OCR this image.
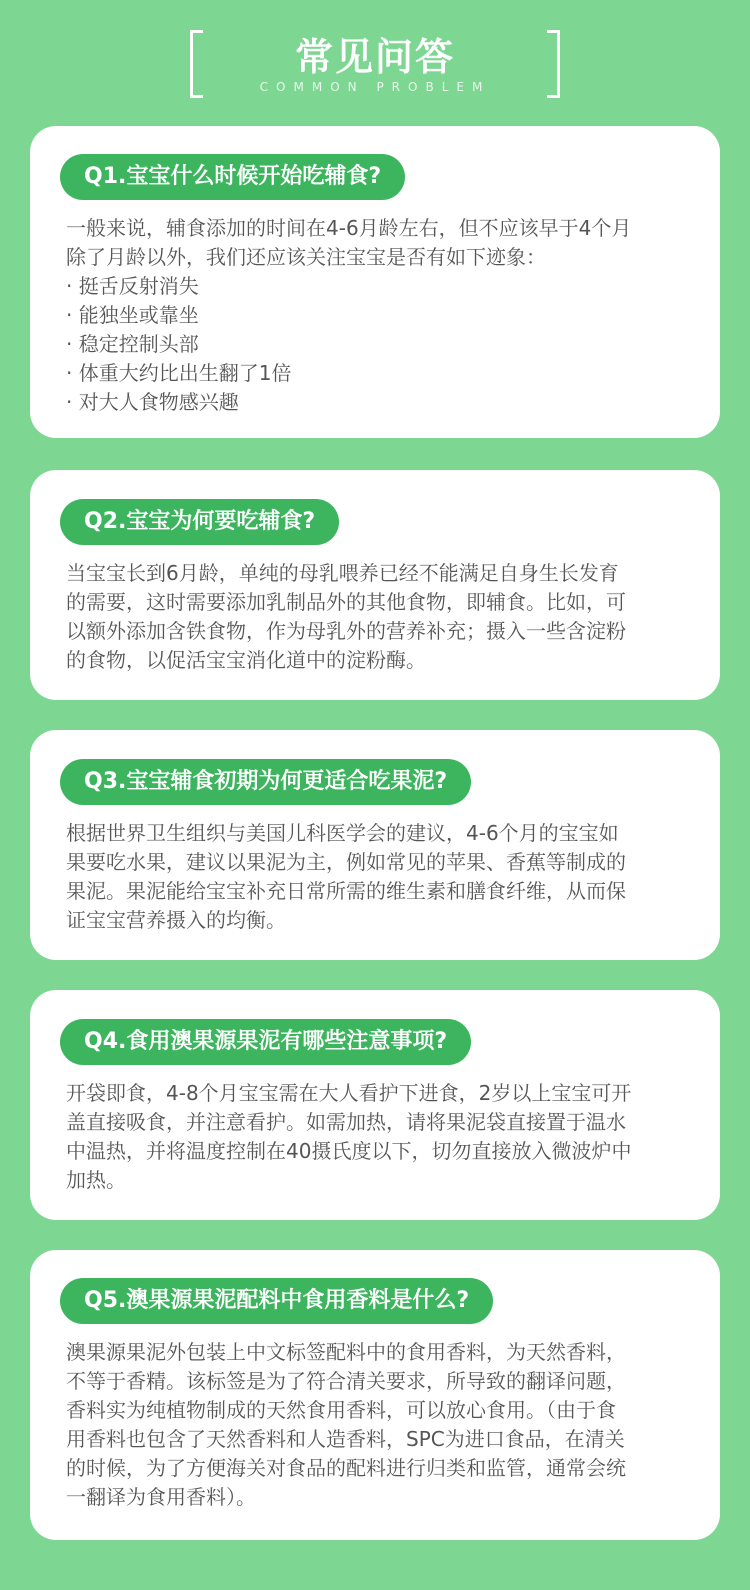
常见问答
COMMON PROBLEM
Q1.宝宝什么时候开始吃辅食?

一般来说，辅食添加的时间在4-6月龄左右，但不应该早于4个月

除了月龄以外，我们还应该关注宝宝是否有如下迹象：

· 挺舌反射消失
· 能独坐或靠坐
· 稳定控制头部
· 体重大约比出生翻了1倍
· 对大人食物感兴趣
Q2.宝宝为何要吃辅食?

当宝宝长到6月龄，单纯的母乳喂养已经不能满足自身生长发育

的需要，这时需要添加乳制品外的其他食物，即辅食。比如，可

以额外添加含铁食物，作为母乳外的营养补充；摄入一些含淀粉

的食物，以促活宝宝消化道中的淀粉酶。

Q3.宝宝辅食初期为何更适合吃果泥?

根据世界卫生组织与美国儿科医学会的建议，4-6个月的宝宝如

果要吃水果，建议以果泥为主，例如常见的苹果、香蕉等制成的

果泥。果泥能给宝宝补充日常所需的维生素和膳食纤维，从而保

证宝宝营养摄入的均衡。

Q4.食用澳果源果泥有哪些注意事项?

开袋即食，4-8个月宝宝需在大人看护下进食，2岁以上宝宝可开

盖直接吸食，并注意看护。如需加热，请将果泥袋直接置于温水

中温热，并将温度控制在40摄氏度以下，切勿直接放入微波炉中

加热。

Q5.澳果源果泥配料中食用香料是什么?

澳果源果泥外包装上中文标签配料中的食用香料，为天然香料，

不等于香精。该标签是为了符合清关要求，所导致的翻译问题，

香料实为纯植物制成的天然食用香料，可以放心食用。（由于食

用香料也包含了天然香料和人造香料，SPC为进口食品，在清关

的时候，为了方便海关对食品的配料进行归类和监管，通常会统

一翻译为食用香料）。
